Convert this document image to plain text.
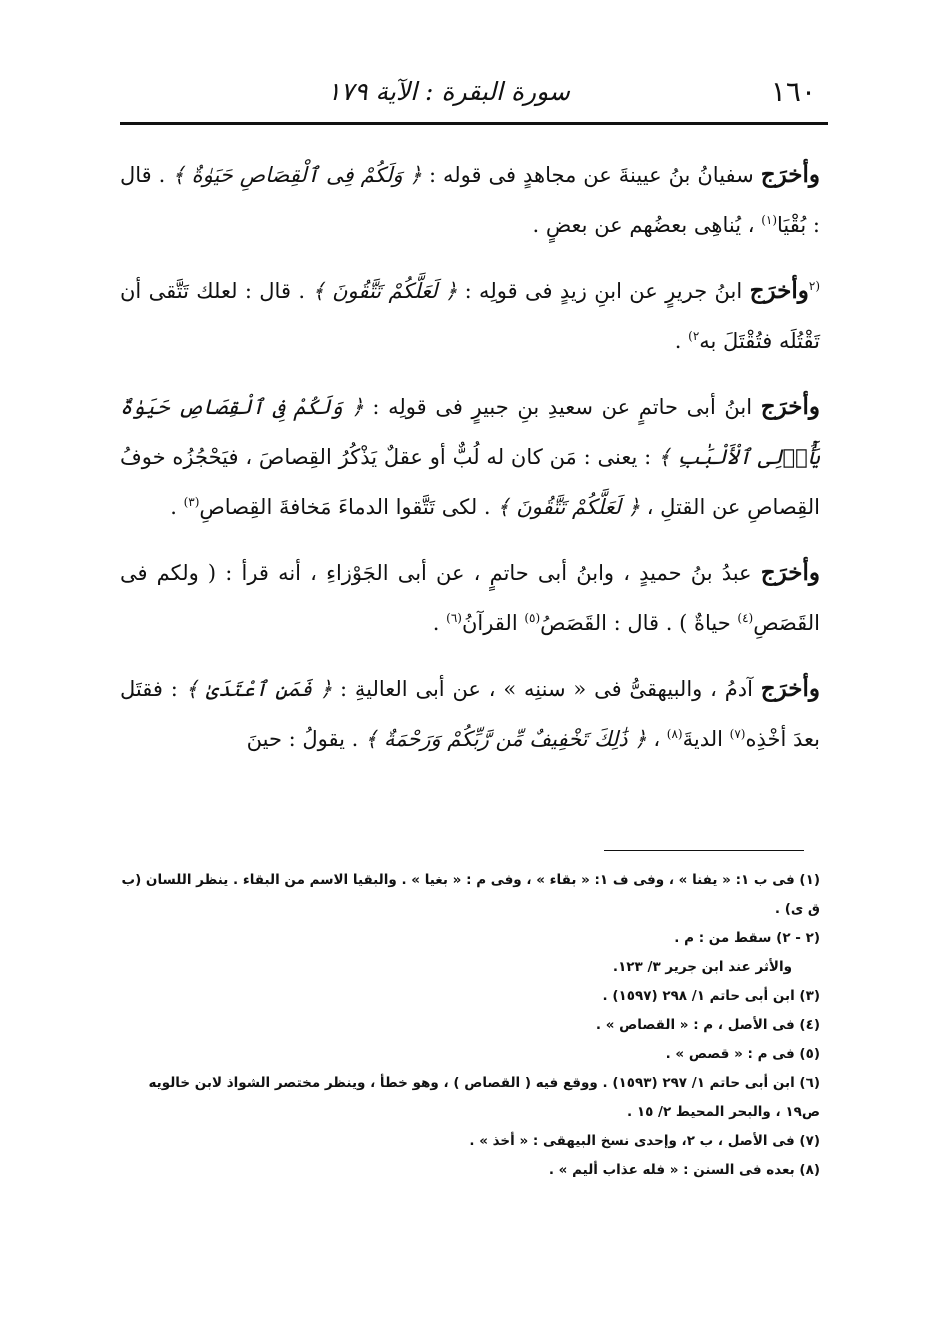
١٦٠
سورة البقرة : الآية ١٧٩

وأخرَج سفيانُ بنُ عيينةَ عن مجاهدٍ فى قوله : ﴿ وَلَكُمْ فِى ٱلْقِصَاصِ حَيَوٰةٌ ﴾ . قال : بُقْيَا$^{(١)}$ ، يُناهِى بعضُهم عن بعضٍ .

$^{(٢}$وأخرَج ابنُ جريرٍ عن ابنِ زيدٍ فى قولِه : ﴿ لَعَلَّكُمْ تَتَّقُونَ ﴾ . قال : لعلك تَتَّقى أن تَقْتُلَه فتُقْتَلَ به$^{٢)}$ .

وأخرَج ابنُ أبى حاتمٍ عن سعيدِ بنِ جبيرٍ فى قولِه : ﴿ وَلَكُمْ فِى ٱلْقِصَاصِ حَيَوٰةٌ يَٰٓأُو۟لِى ٱلْأَلْبَٰبِ ﴾ : يعنى : مَن كان له لُبٌّ أو عقلٌ يَذْكُرُ القِصاصَ ، فيَحْجُزُه خوفُ القِصاصِ عن القتلِ ، ﴿ لَعَلَّكُمْ تَتَّقُونَ ﴾ . لكى تَتَّقوا الدماءَ مَخافةَ القِصاصِ$^{(٣)}$ .

وأخرَج عبدُ بنُ حميدٍ ، وابنُ أبى حاتمٍ ، عن أبى الجَوْزاءِ ، أنه قرأ : ( ولكم فى القَصَصِ$^{(٤)}$ حياةٌ ) . قال : القَصَصُ$^{(٥)}$ القرآنُ$^{(٦)}$ .

وأخرَج آدمُ ، والبيهقىُّ فى « سننِه » ، عن أبى العاليةِ : ﴿ فَمَنِ ٱعْتَدَىٰ ﴾ : فقتَل بعدَ أخْذِه$^{(٧)}$ الديةَ$^{(٨)}$ ، ﴿ ذَٰلِكَ تَخْفِيفٌ مِّن رَّبِّكُمْ وَرَحْمَةٌ ﴾ . يقولُ : حينَ

(١) فى ب ١: « يفنا » ، وفى ف ١: « بقاء » ، وفى م : « بغيا » . والبقيا الاسم من البقاء . ينظر اللسان (ب ق ى) .

(٢ - ٢) سقط من : م .

والأثر عند ابن جرير ٣/ ١٢٣.

(٣) ابن أبى حاتم ١/ ٢٩٨ (١٥٩٧) .

(٤) فى الأصل ، م : « القصاص » .

(٥) فى م : « قصص » .

(٦) ابن أبى حاتم ١/ ٢٩٧ (١٥٩٣) . ووقع فيه ( القصاص ) ، وهو خطأ ، وينظر مختصر الشواذ لابن خالويه ص١٩ ، والبحر المحيط ٢/ ١٥ .

(٧) فى الأصل ، ب ٢، وإحدى نسخ البيهقى : « أخذ » .

(٨) بعده فى السنن : « فله عذاب أليم » .
